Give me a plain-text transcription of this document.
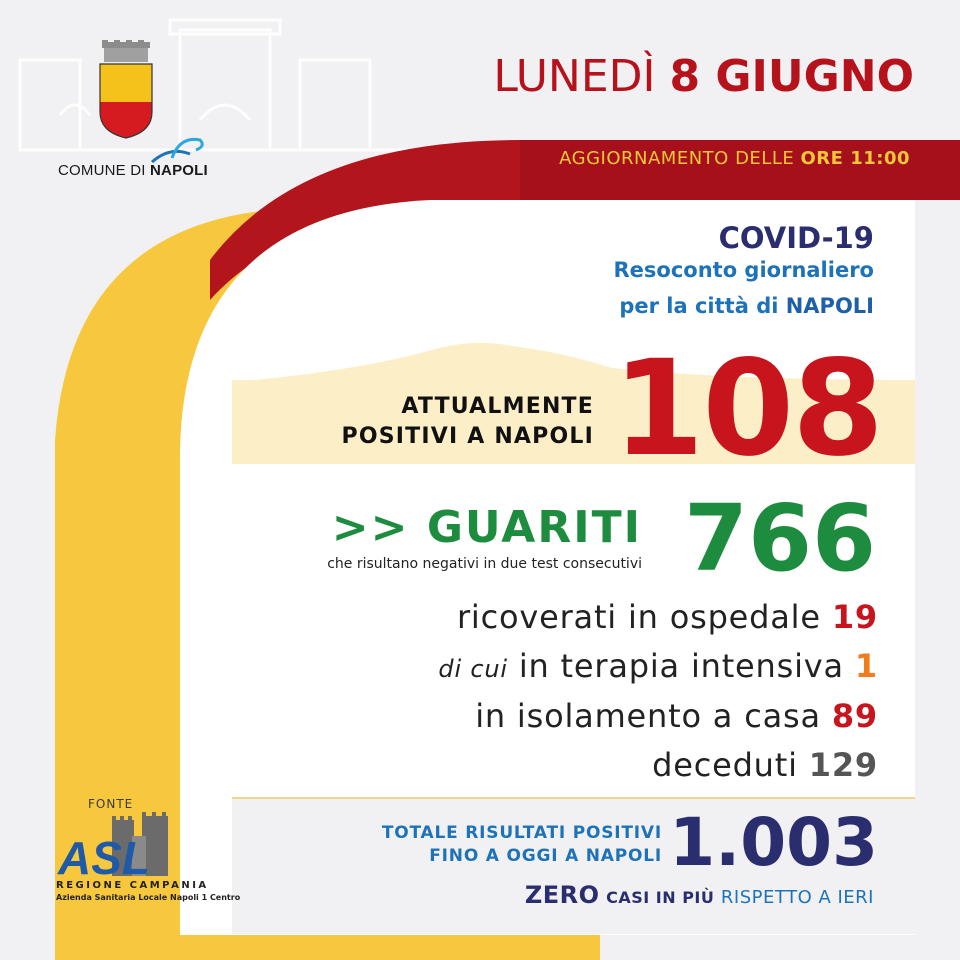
COMUNE DI NAPOLI
LUNEDÌ 8 GIUGNO
AGGIORNAMENTO DELLE ORE 11:00
COVID-19
Resoconto giornaliero
per la città di NAPOLI
ATTUALMENTE
POSITIVI A NAPOLI 108
>> GUARITI
che risultano negativi in due test consecutivi 766
ricoverati in ospedale 19
di cui in terapia intensiva 1
in isolamento a casa 89
deceduti 129
TOTALE RISULTATI POSITIVI
FINO A OGGI A NAPOLI 1.003
ZERO CASI IN PIÙ RISPETTO A IERI
FONTE
ASL
REGIONE CAMPANIA
Azienda Sanitaria Locale Napoli 1 Centro
